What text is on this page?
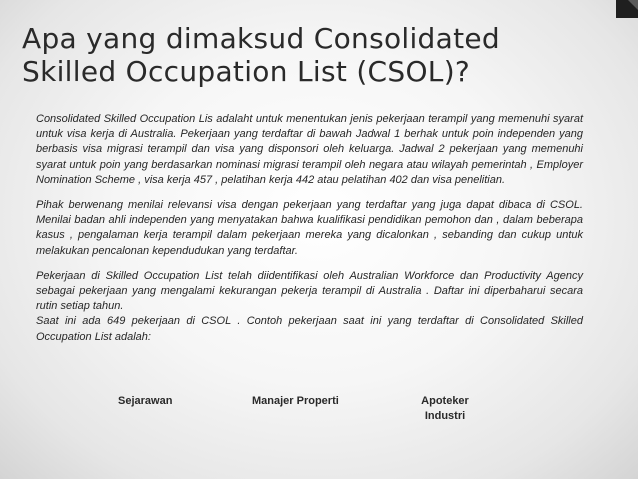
Apa yang dimaksud Consolidated
Skilled Occupation List (CSOL)?

Consolidated Skilled Occupation Lis adalaht untuk menentukan jenis pekerjaan terampil yang memenuhi syarat untuk visa kerja di Australia. Pekerjaan yang terdaftar di bawah Jadwal 1 berhak untuk poin independen yang berbasis visa migrasi terampil dan visa yang disponsori oleh keluarga. Jadwal 2 pekerjaan yang memenuhi syarat untuk poin yang berdasarkan nominasi migrasi terampil oleh negara atau wilayah pemerintah , Employer Nomination Scheme , visa kerja 457 , pelatihan kerja 442 atau pelatihan 402 dan visa penelitian.

Pihak berwenang menilai relevansi visa dengan pekerjaan yang terdaftar yang juga dapat dibaca di CSOL. Menilai badan ahli independen yang menyatakan bahwa kualifikasi pendidikan pemohon dan , dalam beberapa kasus , pengalaman kerja terampil dalam pekerjaan mereka yang dicalonkan , sebanding dan cukup untuk melakukan pencalonan kependudukan yang terdaftar.

Pekerjaan di Skilled Occupation List telah diidentifikasi oleh Australian Workforce dan Productivity Agency sebagai pekerjaan yang mengalami kekurangan pekerja terampil di Australia . Daftar ini diperbaharui secara rutin setiap tahun.

Saat ini ada 649 pekerjaan di CSOL . Contoh pekerjaan saat ini yang terdaftar di Consolidated Skilled Occupation List adalah:

Sejarawan	Manajer Properti	Apoteker Industri
